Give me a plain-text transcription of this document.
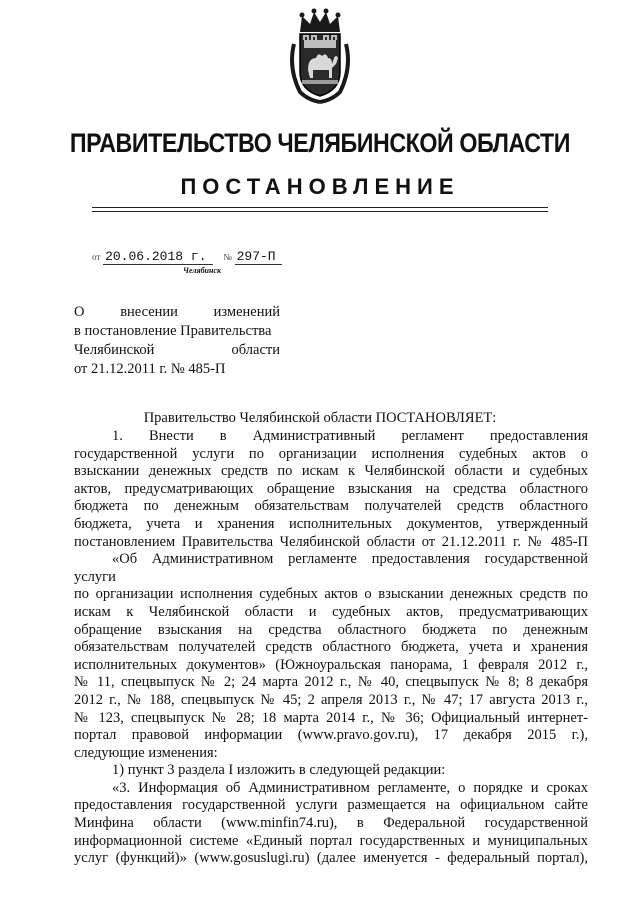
ПРАВИТЕЛЬСТВО ЧЕЛЯБИНСКОЙ ОБЛАСТИ
ПОСТАНОВЛЕНИЕ
от 20.06.2018 г. № 297-П
Челябинск
О внесении изменений
в постановление Правительства
Челябинской	области
от 21.12.2011 г. № 485-П
Правительство Челябинской области ПОСТАНОВЛЯЕТ:

1. Внести в Административный регламент предоставления

государственной услуги по организации исполнения судебных актов о

взыскании денежных средств по искам к Челябинской области и судебных

актов, предусматривающих обращение взыскания на средства областного

бюджета по денежным обязательствам получателей средств областного

бюджета, учета и хранения исполнительных документов, утвержденный

постановлением Правительства Челябинской области от 21.12.2011 г. № 485-П

«Об Административном регламенте предоставления государственной услуги

по организации исполнения судебных актов о взыскании денежных средств по

искам к Челябинской области и судебных актов, предусматривающих

обращение взыскания на средства областного бюджета по денежным

обязательствам получателей средств областного бюджета, учета и хранения

исполнительных документов» (Южноуральская панорама, 1 февраля 2012 г.,

№ 11, спецвыпуск № 2; 24 марта 2012 г., № 40, спецвыпуск № 8; 8 декабря

2012 г., № 188, спецвыпуск № 45; 2 апреля 2013 г., № 47; 17 августа 2013 г.,

№ 123, спецвыпуск № 28; 18 марта 2014 г., № 36; Официальный интернет-

портал правовой информации (www.pravo.gov.ru), 17 декабря 2015 г.),

следующие изменения:

1) пункт 3 раздела I изложить в следующей редакции:

«3. Информация об Административном регламенте, о порядке и сроках

предоставления государственной услуги размещается на официальном сайте

Минфина области (www.minfin74.ru), в Федеральной государственной

информационной системе «Единый портал государственных и муниципальных

услуг (функций)» (www.gosuslugi.ru) (далее именуется - федеральный портал),
